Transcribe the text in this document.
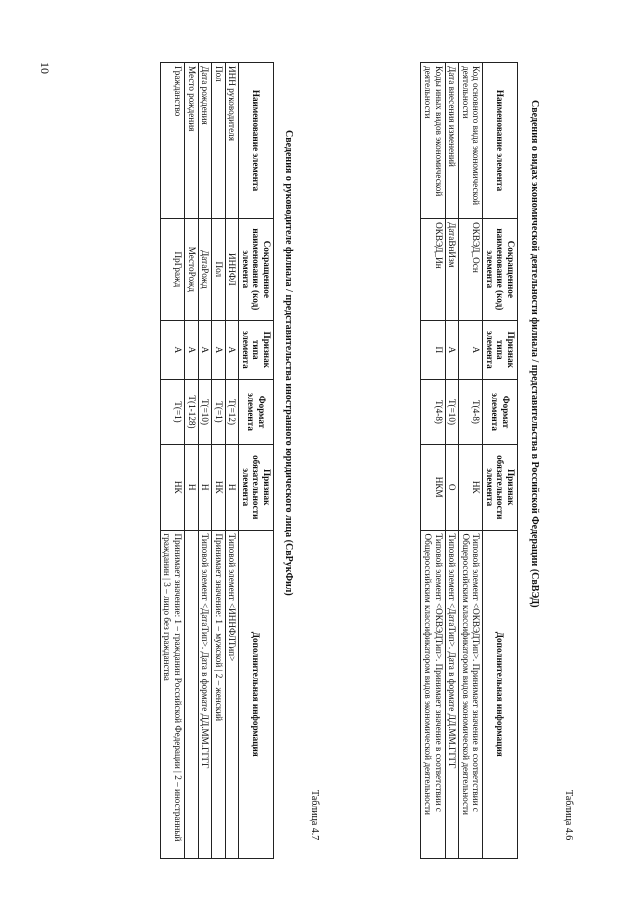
10
Таблица 4.6
Сведения о видах экономической деятельности филиала / представительства в Российской Федерации (СвВЭД)
Наименование элемента	Сокращенное наименование (код) элемента	Признак типа элемента	Формат элемента	Признак обязательности элемента	Дополнительная информация
Код основного вида экономической деятельности	ОКВЭД_Осн	А	Т(4-8)	НК	Типовой элемент <ОКВЭДТип>. Принимает значение в соответствии с Общероссийским классификатором видов экономической деятельности
Дата внесения изменений	ДатаВнИзм	А	Т(=10)	О	Типовой элемент <ДатаТип>. Дата в формате ДД.ММ.ГГГГ
Коды иных видов экономической деятельности	ОКВЭД_Ин	П	Т(4-8)	НКМ	Типовой элемент <ОКВЭДТип>. Принимает значение в соответствии с Общероссийским классификатором видов экономической деятельности
Таблица 4.7
Сведения о руководителе филиала / представительства иностранного юридического лица (СвРукФил)
Наименование элемента	Сокращенное наименование (код) элемента	Признак типа элемента	Формат элемента	Признак обязательности элемента	Дополнительная информация
ИНН руководителя	ИННФЛ	А	Т(=12)	Н	Типовой элемент <ИННФЛТип>
Пол	Пол	А	Т(=1)	НК	Принимает значение: 1 – мужской | 2 – женский
Дата рождения	ДатаРожд	А	Т(=10)	Н	Типовой элемент <ДатаТип>. Дата в формате ДД.ММ.ГГГГ
Место рождения	МестоРожд	А	Т(1-128)	Н	
Гражданство	ПрГражд	А	Т(=1)	НК	Принимает значение: 1 – гражданин Российской Федерации | 2 – иностранный гражданин | 3 – лицо без гражданства
